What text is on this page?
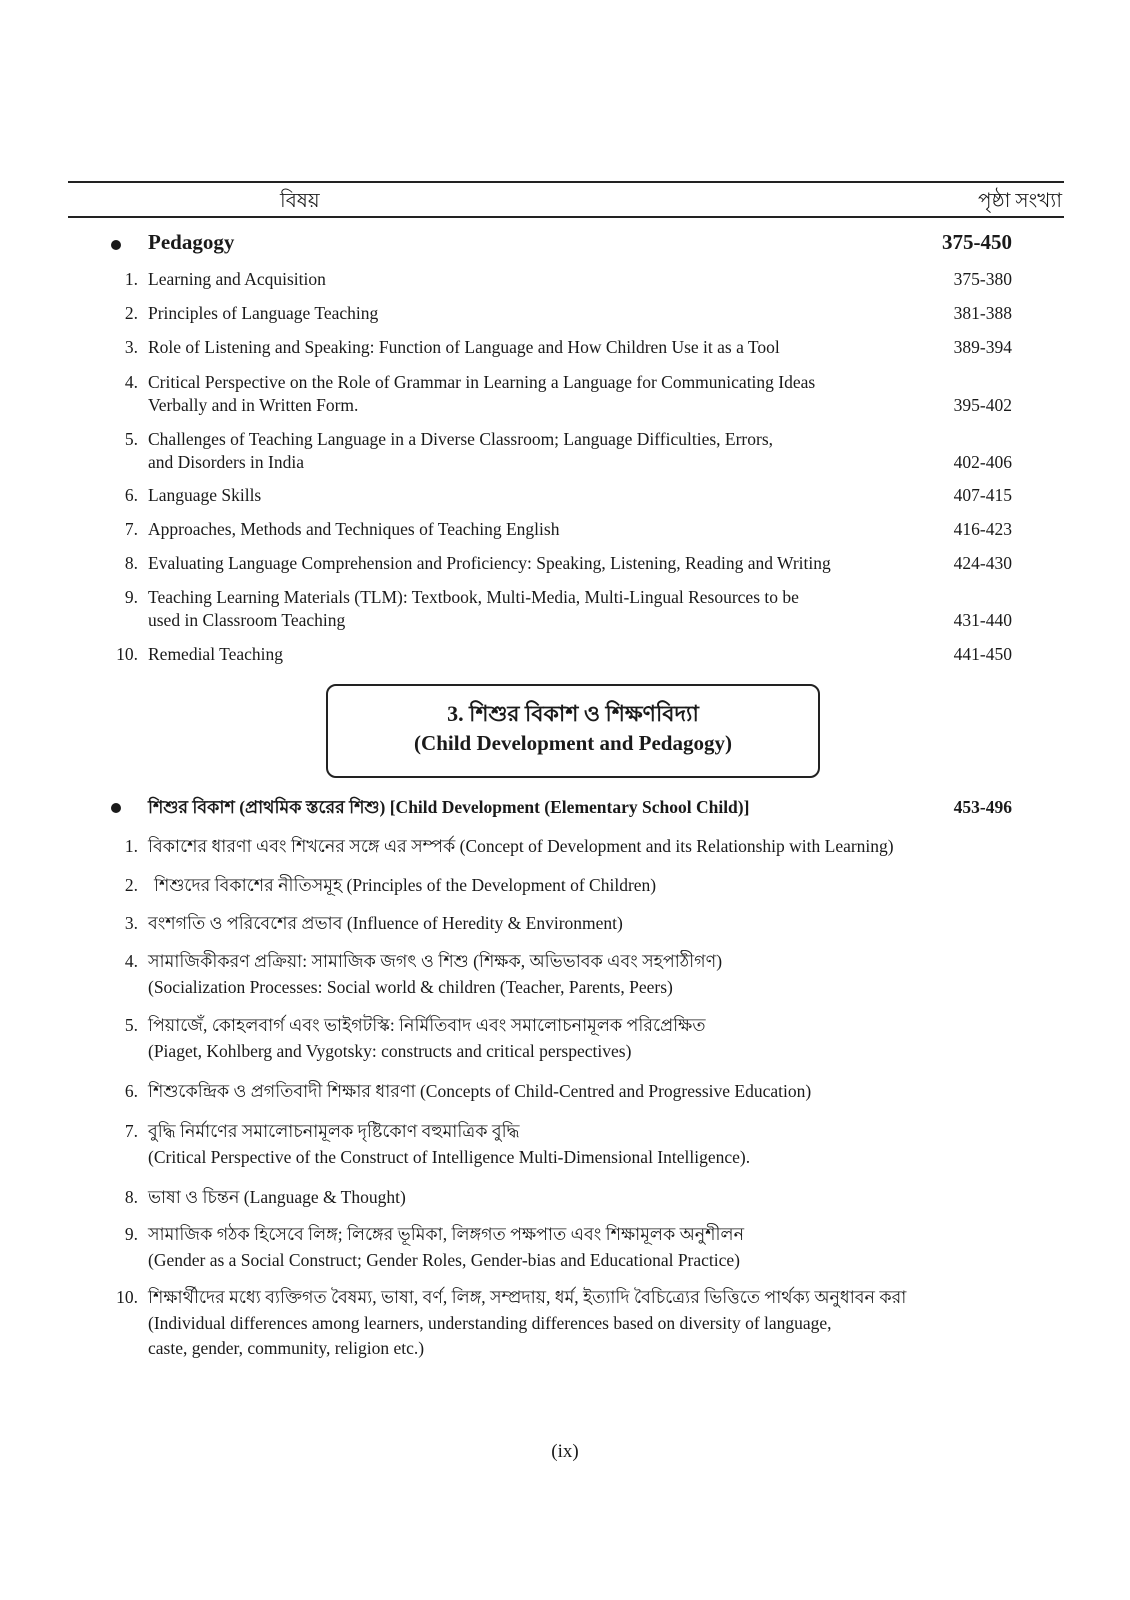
বিষয়	পৃষ্ঠা সংখ্যা
Pedagogy	375-450
1. Learning and Acquisition	375-380
2. Principles of Language Teaching	381-388
3. Role of Listening and Speaking: Function of Language and How Children Use it as a Tool	389-394
4. Critical Perspective on the Role of Grammar in Learning a Language for Communicating Ideas
Verbally and in Written Form.	395-402
5. Challenges of Teaching Language in a Diverse Classroom; Language Difficulties, Errors,
and Disorders in India	402-406
6. Language Skills	407-415
7. Approaches, Methods and Techniques of Teaching English	416-423
8. Evaluating Language Comprehension and Proficiency: Speaking, Listening, Reading and Writing	424-430
9. Teaching Learning Materials (TLM): Textbook, Multi-Media, Multi-Lingual Resources to be
used in Classroom Teaching	431-440
10. Remedial Teaching	441-450
3. শিশুর বিকাশ ও শিক্ষণবিদ্যা
(Child Development and Pedagogy)
শিশুর বিকাশ (প্রাথমিক স্তরের শিশু) [Child Development (Elementary School Child)]	453-496
1. বিকাশের ধারণা এবং শিখনের সঙ্গে এর সম্পর্ক (Concept of Development and its Relationship with Learning)
2. শিশুদের বিকাশের নীতিসমূহ (Principles of the Development of Children)
3. বংশগতি ও পরিবেশের প্রভাব (Influence of Heredity & Environment)
4. সামাজিকীকরণ প্রক্রিয়া: সামাজিক জগৎ ও শিশু (শিক্ষক, অভিভাবক এবং সহপাঠীগণ)
(Socialization Processes: Social world & children (Teacher, Parents, Peers)
5. পিয়াজেঁ, কোহলবার্গ এবং ভাইগটস্কি: নির্মিতিবাদ এবং সমালোচনামূলক পরিপ্রেক্ষিত
(Piaget, Kohlberg and Vygotsky: constructs and critical perspectives)
6. শিশুকেন্দ্রিক ও প্রগতিবাদী শিক্ষার ধারণা (Concepts of Child-Centred and Progressive Education)
7. বুদ্ধি নির্মাণের সমালোচনামূলক দৃষ্টিকোণ বহুমাত্রিক বুদ্ধি
(Critical Perspective of the Construct of Intelligence Multi-Dimensional Intelligence).
8. ভাষা ও চিন্তন (Language & Thought)
9. সামাজিক গঠক হিসেবে লিঙ্গ; লিঙ্গের ভূমিকা, লিঙ্গগত পক্ষপাত এবং শিক্ষামূলক অনুশীলন
(Gender as a Social Construct; Gender Roles, Gender-bias and Educational Practice)
10. শিক্ষার্থীদের মধ্যে ব্যক্তিগত বৈষম্য, ভাষা, বর্ণ, লিঙ্গ, সম্প্রদায়, ধর্ম, ইত্যাদি বৈচিত্র্যের ভিত্তিতে পার্থক্য অনুধাবন করা
(Individual differences among learners, understanding differences based on diversity of language,
caste, gender, community, religion etc.)
(ix)
